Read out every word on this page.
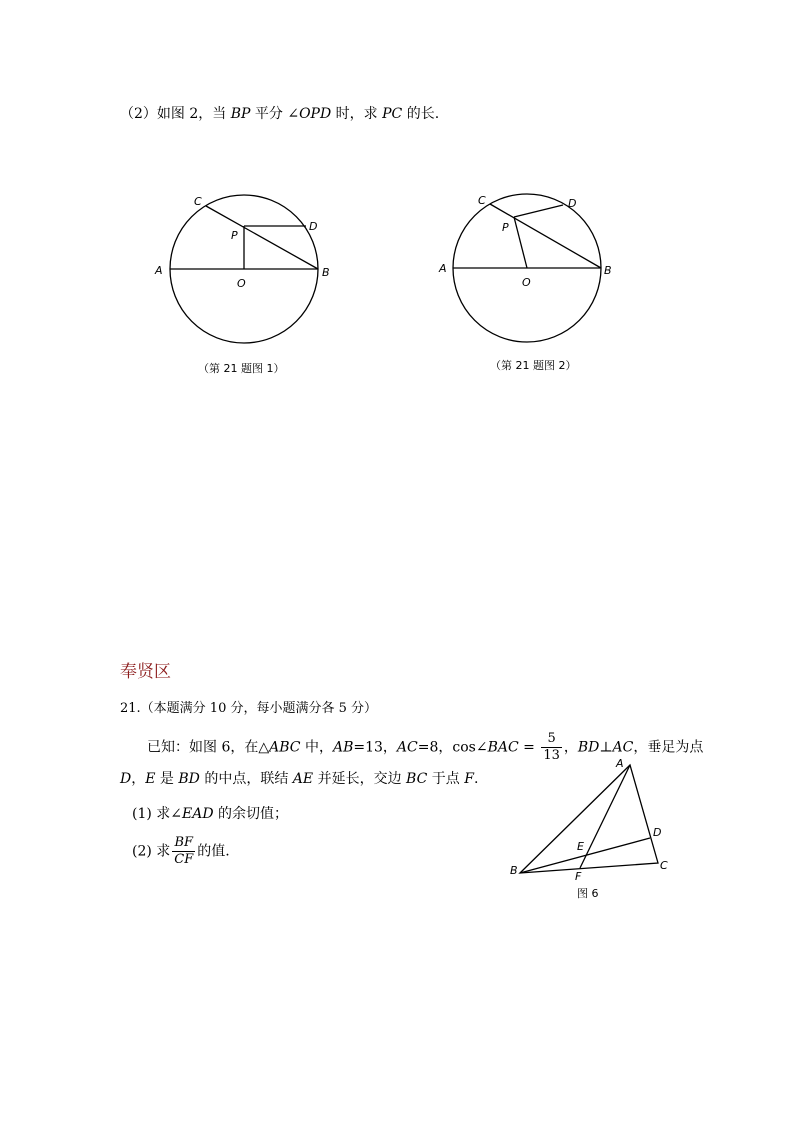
（2）如图 2，当 BP 平分 ∠OPD 时，求 PC 的长.
C
D
P
A	B
O
（第 21 题图 1）
C	D
P
A	B
O
（第 21 题图 2）
奉贤区
21.（本题满分 10 分，每小题满分各 5 分）
已知：如图 6，在△ABC 中，AB=13，AC=8，cos∠BAC = $\frac{5}{13}$ ，BD⊥AC，垂足为点
D，E 是 BD 的中点，联结 AE 并延长，交边 BC 于点 F.
(1) 求∠EAD 的余切值；
(2) 求 $\frac{BF}{CF}$ 的值.
A
B	C
D
E
F
图 6
